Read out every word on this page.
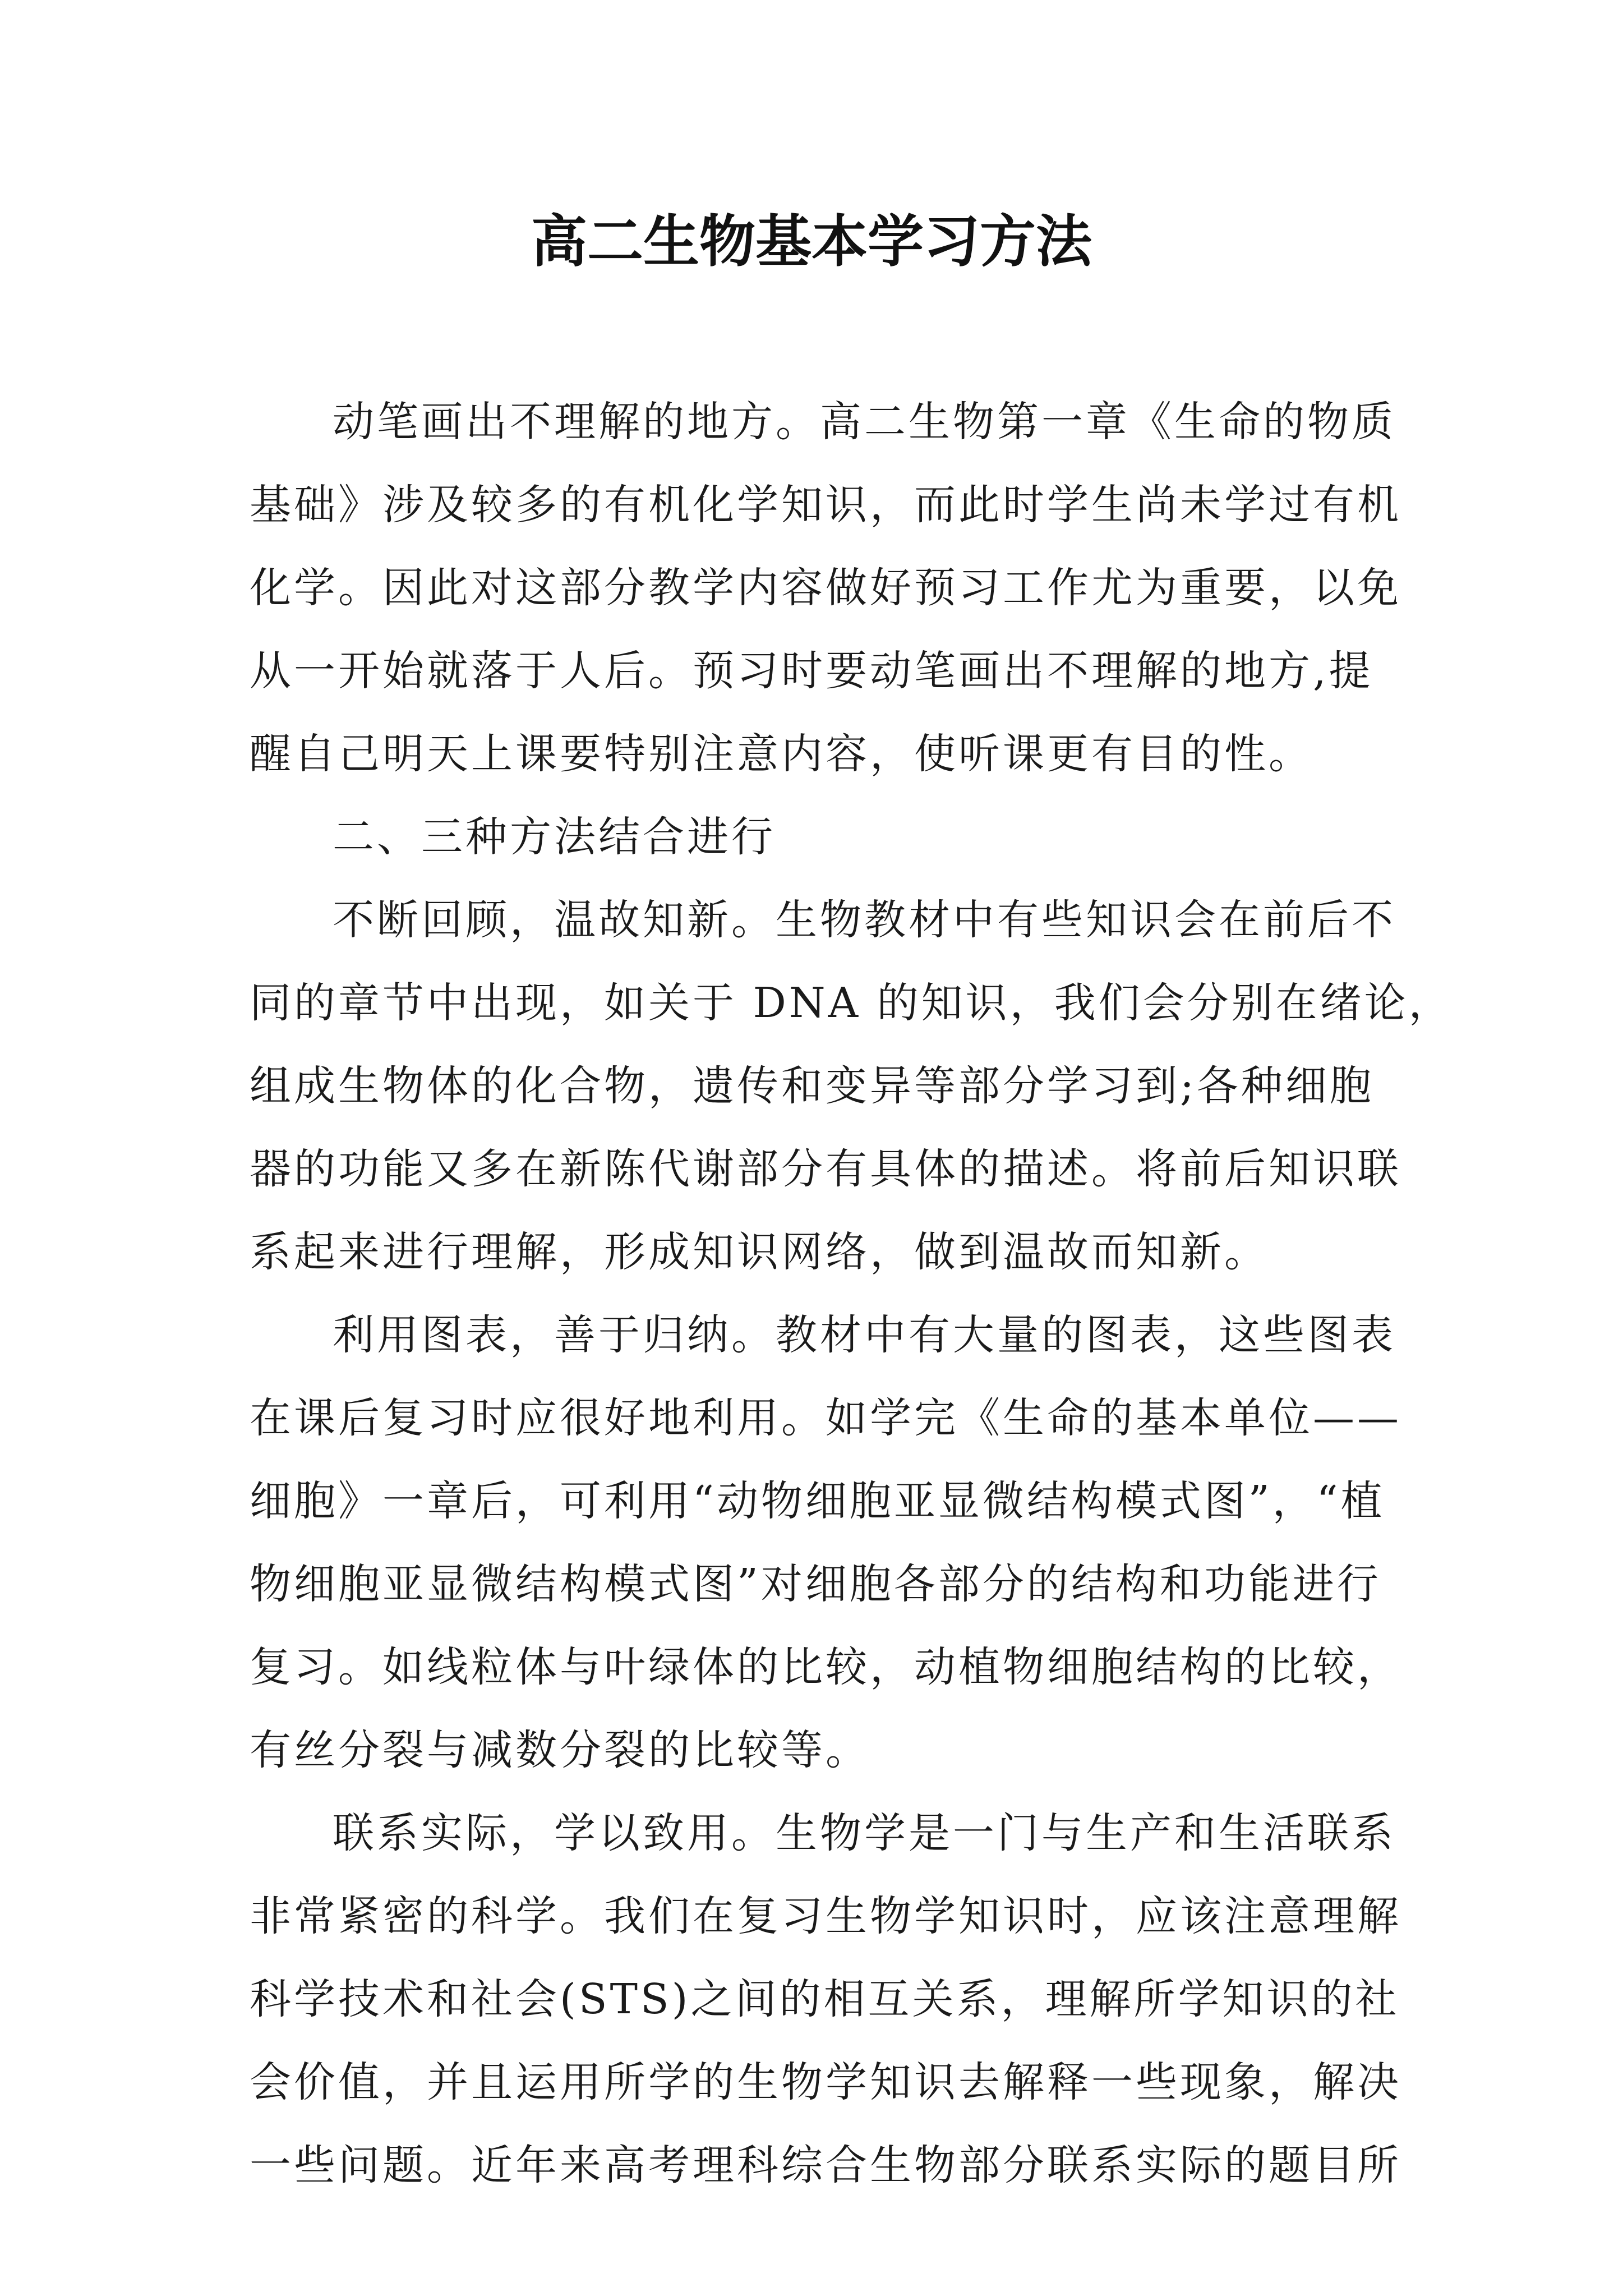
高二生物基本学习方法
动笔画出不理解的地方。高二生物第一章《生命的物质
基础》涉及较多的有机化学知识，而此时学生尚未学过有机
化学。因此对这部分教学内容做好预习工作尤为重要，以免
从一开始就落于人后。预习时要动笔画出不理解的地方,提
醒自己明天上课要特别注意内容，使听课更有目的性。
二、三种方法结合进行
不断回顾，温故知新。生物教材中有些知识会在前后不
同的章节中出现，如关于 DNA 的知识，我们会分别在绪论，
组成生物体的化合物，遗传和变异等部分学习到;各种细胞
器的功能又多在新陈代谢部分有具体的描述。将前后知识联
系起来进行理解，形成知识网络，做到温故而知新。
利用图表，善于归纳。教材中有大量的图表，这些图表
在课后复习时应很好地利用。如学完《生命的基本单位——
细胞》一章后，可利用“动物细胞亚显微结构模式图”，“植
物细胞亚显微结构模式图”对细胞各部分的结构和功能进行
复习。如线粒体与叶绿体的比较，动植物细胞结构的比较，
有丝分裂与减数分裂的比较等。
联系实际，学以致用。生物学是一门与生产和生活联系
非常紧密的科学。我们在复习生物学知识时，应该注意理解
科学技术和社会(STS)之间的相互关系，理解所学知识的社
会价值，并且运用所学的生物学知识去解释一些现象，解决
一些问题。近年来高考理科综合生物部分联系实际的题目所
